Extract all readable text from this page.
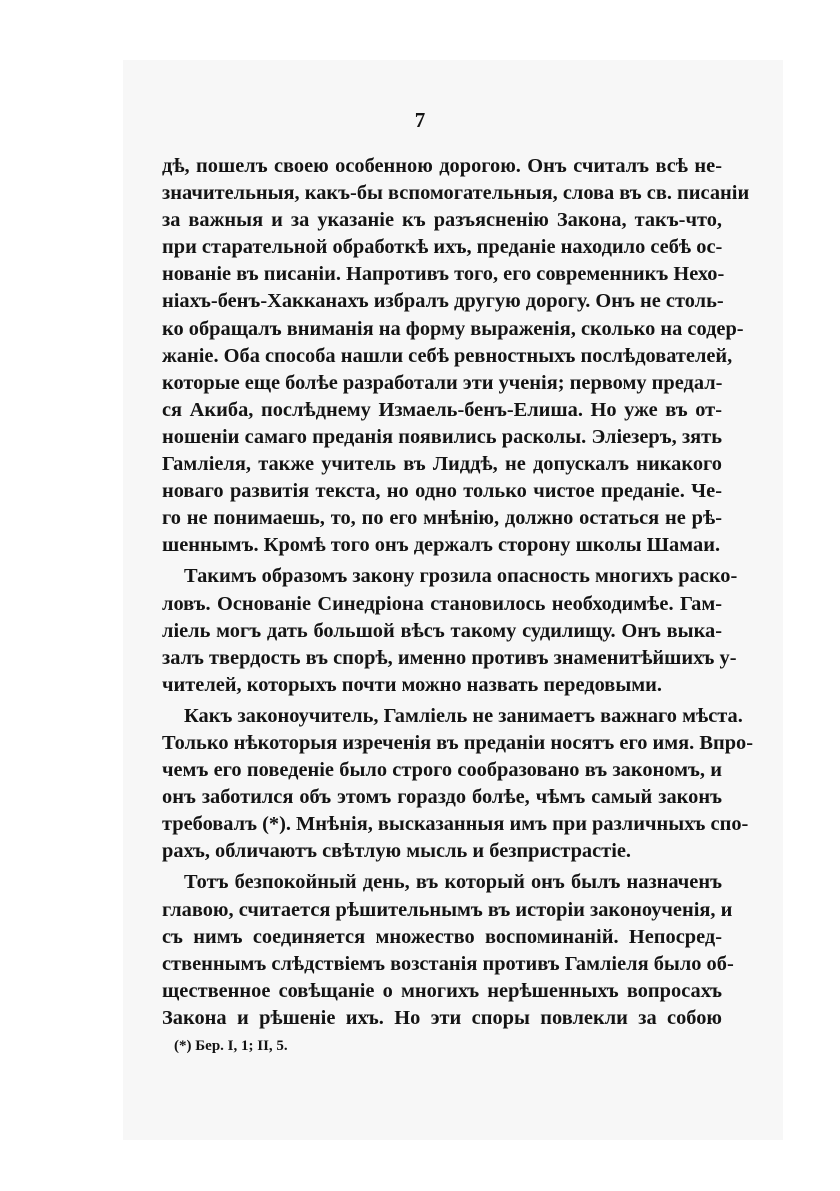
7
дѣ, пошелъ своею особенною дорогою. Онъ считалъ всѣ не-
значительныя, какъ-бы вспомогательныя, слова въ св. писаніи
за важныя и за указаніе къ разъясненію Закона, такъ-что,
при старательной обработкѣ ихъ, преданіе находило себѣ ос-
нованіе въ писаніи. Напротивъ того, его современникъ Нехо-
ніахъ-бенъ-Хакканахъ избралъ другую дорогу. Онъ не столь-
ко обращалъ вниманія на форму выраженія, сколько на содер-
жаніе. Оба способа нашли себѣ ревностныхъ послѣдователей,
которые еще болѣе разработали эти ученія; первому предал-
ся Акиба, послѣднему Измаель-бенъ-Елиша. Но уже въ от-
ношеніи самаго преданія появились расколы. Эліезеръ, зять
Гамліеля, также учитель въ Лиддѣ, не допускалъ никакого
новаго развитія текста, но одно только чистое преданіе. Че-
го не понимаешь, то, по его мнѣнію, должно остаться не рѣ-
шеннымъ. Кромѣ того онъ держалъ сторону школы Шамаи.
Такимъ образомъ закону грозила опасность многихъ раско-
ловъ. Основаніе Синедріона становилось необходимѣе. Гам-
ліель могъ дать большой вѣсъ такому судилищу. Онъ выка-
залъ твердость въ спорѣ, именно противъ знаменитѣйшихъ у-
чителей, которыхъ почти можно назвать передовыми.
Какъ законоучитель, Гамліель не занимаетъ важнаго мѣста.
Только нѣкоторыя изреченія въ преданіи носятъ его имя. Впро-
чемъ его поведеніе было строго сообразовано въ закономъ, и
онъ заботился объ этомъ гораздо болѣе, чѣмъ самый законъ
требовалъ (*). Мнѣнія, высказанныя имъ при различныхъ спо-
рахъ, обличаютъ свѣтлую мысль и безпристрастіе.
Тотъ безпокойный день, въ который онъ былъ назначенъ
главою, считается рѣшительнымъ въ исторіи законоученія, и
съ нимъ соединяется множество воспоминаній. Непосред-
ственнымъ слѣдствіемъ возстанія противъ Гамліеля было об-
щественное совѣщаніе о многихъ нерѣшенныхъ вопросахъ
Закона и рѣшеніе ихъ. Но эти споры повлекли за собою
(*) Бер. I, 1; II, 5.
